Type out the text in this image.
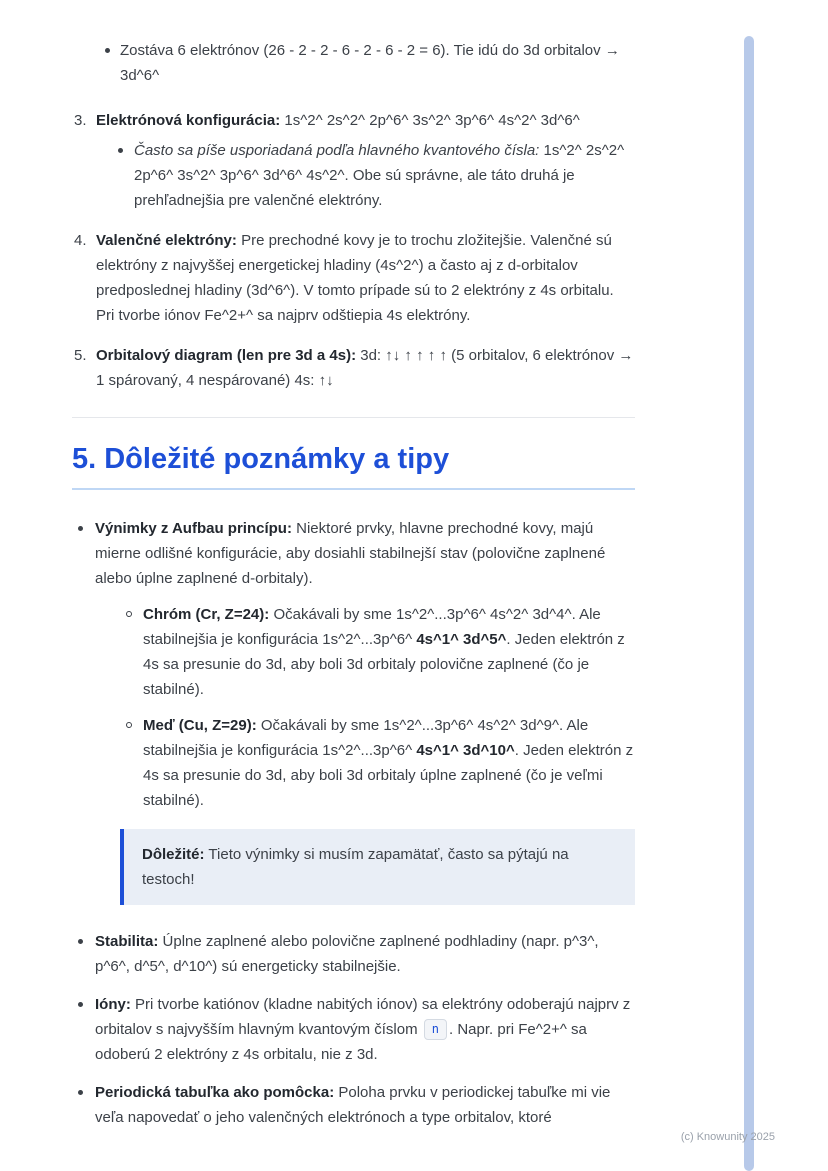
Zostáva 6 elektrónov (26 - 2 - 2 - 6 - 2 - 6 - 2 = 6). Tie idú do 3d orbitalov → 3d^6^
3. Elektrónová konfigurácia: 1s^2^ 2s^2^ 2p^6^ 3s^2^ 3p^6^ 4s^2^ 3d^6^
Často sa píše usporiadaná podľa hlavného kvantového čísla: 1s^2^ 2s^2^ 2p^6^ 3s^2^ 3p^6^ 3d^6^ 4s^2^. Obe sú správne, ale táto druhá je prehľadnejšia pre valenčné elektróny.
4. Valenčné elektróny: Pre prechodné kovy je to trochu zložitejšie. Valenčné sú elektróny z najvyššej energetickej hladiny (4s^2^) a často aj z d-orbitalov predposlednej hladiny (3d^6^). V tomto prípade sú to 2 elektróny z 4s orbitalu. Pri tvorbe iónov Fe^2+^ sa najprv odštiepia 4s elektróny.
5. Orbitalový diagram (len pre 3d a 4s): 3d: ↑↓ ↑ ↑ ↑ ↑ (5 orbitalov, 6 elektrónov → 1 spárovaný, 4 nespárované) 4s: ↑↓
5. Dôležité poznámky a tipy
Výnimky z Aufbau princípu: Niektoré prvky, hlavne prechodné kovy, majú mierne odlišné konfigurácie, aby dosiahli stabilnejší stav (polovične zaplnené alebo úplne zaplnené d-orbitaly).
Chróm (Cr, Z=24): Očakávali by sme 1s^2^...3p^6^ 4s^2^ 3d^4^. Ale stabilnejšia je konfigurácia 1s^2^...3p^6^ 4s^1^ 3d^5^. Jeden elektrón z 4s sa presunie do 3d, aby boli 3d orbitaly polovične zaplnené (čo je stabilné).
Meď (Cu, Z=29): Očakávali by sme 1s^2^...3p^6^ 4s^2^ 3d^9^. Ale stabilnejšia je konfigurácia 1s^2^...3p^6^ 4s^1^ 3d^10^. Jeden elektrón z 4s sa presunie do 3d, aby boli 3d orbitaly úplne zaplnené (čo je veľmi stabilné).
Dôležité: Tieto výnimky si musím zapamätať, často sa pýtajú na testoch!
Stabilita: Úplne zaplnené alebo polovične zaplnené podhladiny (napr. p^3^, p^6^, d^5^, d^10^) sú energeticky stabilnejšie.
Ióny: Pri tvorbe katiónov (kladne nabitých iónov) sa elektróny odoberajú najprv z orbitalov s najvyšším hlavným kvantovým číslom n . Napr. pri Fe^2+^ sa odoberú 2 elektróny z 4s orbitalu, nie z 3d.
Periodická tabuľka ako pomôcka: Poloha prvku v periodickej tabuľke mi vie veľa napovedať o jeho valenčných elektrónoch a type orbitalov, ktoré
(c) Knowunity 2025
